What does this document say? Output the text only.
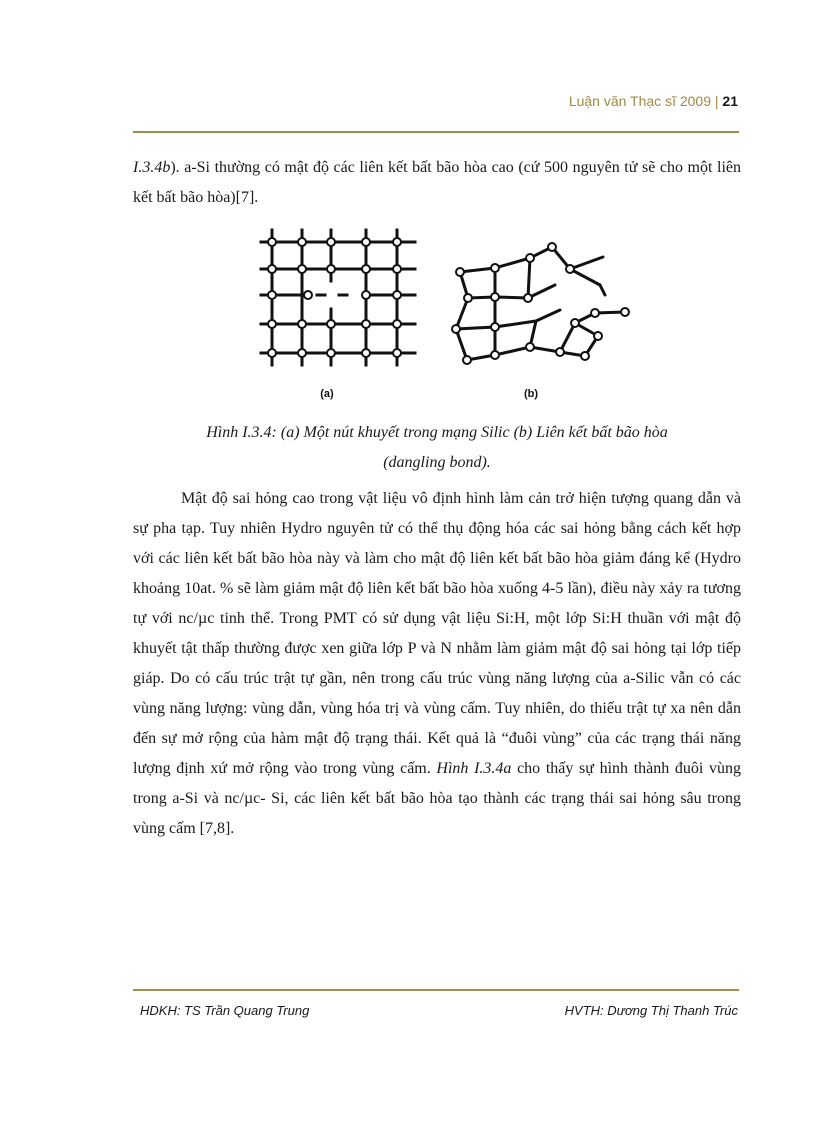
Luận văn Thạc sĩ 2009 | 21
I.3.4b). a-Si thường có mật độ các liên kết bất bão hòa cao (cứ 500 nguyên tử sẽ cho một liên kết bất bão hòa)[7].
(a)	(b)
Hình I.3.4: (a) Một nút khuyết trong mạng Silic (b) Liên kết bất bão hòa
(dangling bond).
Mật độ sai hỏng cao trong vật liệu vô định hình làm cản trở hiện tượng quang dẫn và sự pha tạp. Tuy nhiên Hydro nguyên tử có thể thụ động hóa các sai hỏng bằng cách kết hợp với các liên kết bất bão hòa này và làm cho mật độ liên kết bất bão hòa giảm đáng kể (Hydro khoảng 10at. % sẽ làm giảm mật độ liên kết bất bão hòa xuống 4-5 lần), điều này xảy ra tương tự với nc/µc tinh thể. Trong PMT có sử dụng vật liệu Si:H, một lớp Si:H thuần với mật độ khuyết tật thấp thường được xen giữa lớp P và N nhằm làm giảm mật độ sai hỏng tại lớp tiếp giáp. Do có cấu trúc trật tự gần, nên trong cấu trúc vùng năng lượng của a-Silic vẫn có các vùng năng lượng: vùng dẫn, vùng hóa trị và vùng cấm. Tuy nhiên, do thiếu trật tự xa nên dẫn đến sự mở rộng của hàm mật độ trạng thái. Kết quả là “đuôi vùng” của các trạng thái năng lượng định xứ mở rộng vào trong vùng cấm. Hình I.3.4a cho thấy sự hình thành đuôi vùng trong a-Si và nc/µc- Si, các liên kết bất bão hòa tạo thành các trạng thái sai hỏng sâu trong vùng cấm [7,8].
HDKH: TS Trần Quang Trung	HVTH: Dương Thị Thanh Trúc
